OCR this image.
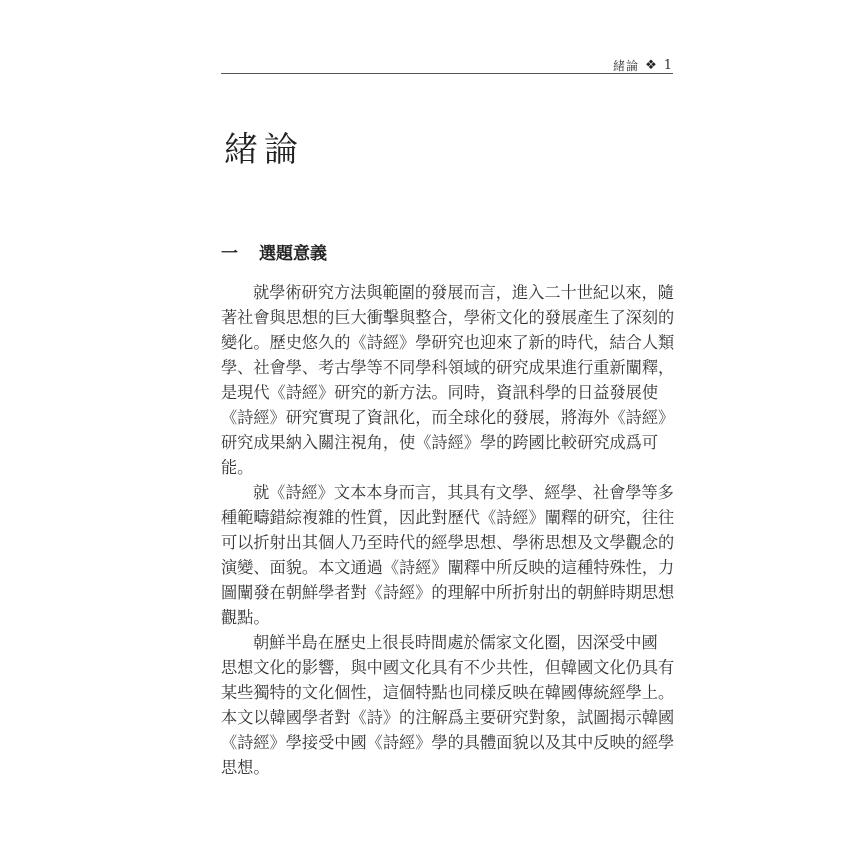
緒論 ❖ 1
緒論
一	選題意義
就學術研究方法與範圍的發展而言，進入二十世紀以來，隨
著社會與思想的巨大衝擊與整合，學術文化的發展產生了深刻的
變化。歷史悠久的《詩經》學研究也迎來了新的時代，結合人類
學、社會學、考古學等不同學科領域的研究成果進行重新闡釋，
是現代《詩經》研究的新方法。同時，資訊科學的日益發展使
《詩經》研究實現了資訊化，而全球化的發展，將海外《詩經》
研究成果納入關注視角，使《詩經》學的跨國比較研究成爲可
能。
就《詩經》文本本身而言，其具有文學、經學、社會學等多
種範疇錯綜複雜的性質，因此對歷代《詩經》闡釋的研究，往往
可以折射出其個人乃至時代的經學思想、學術思想及文學觀念的
演變、面貌。本文通過《詩經》闡釋中所反映的這種特殊性，力
圖闡發在朝鮮學者對《詩經》的理解中所折射出的朝鮮時期思想
觀點。
朝鮮半島在歷史上很長時間處於儒家文化圈，因深受中國
思想文化的影響，與中國文化具有不少共性，但韓國文化仍具有
某些獨特的文化個性，這個特點也同樣反映在韓國傳統經學上。
本文以韓國學者對《詩》的注解爲主要研究對象，試圖揭示韓國
《詩經》學接受中國《詩經》學的具體面貌以及其中反映的經學
思想。
